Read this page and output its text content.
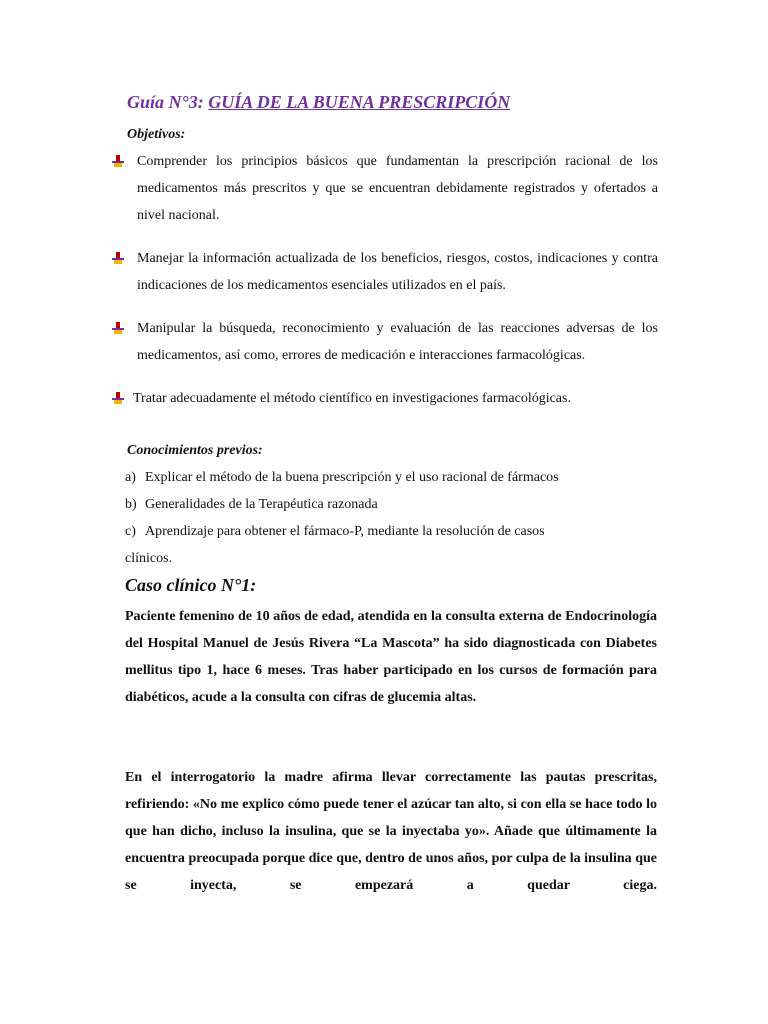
Guía N°3: GUÍA DE LA BUENA PRESCRIPCIÓN

Objetivos:

Comprender los principios básicos que fundamentan la prescripción racional de los medicamentos más prescritos y que se encuentran debidamente registrados y ofertados a nivel nacional.
Manejar la información actualizada de los beneficios, riesgos, costos, indicaciones y contra indicaciones de los medicamentos esenciales utilizados en el país.
Manipular la búsqueda, reconocimiento y evaluación de las reacciones adversas de los medicamentos, así como, errores de medicación e interacciones farmacológicas.
Tratar adecuadamente el método científico en investigaciones farmacológicas.

Conocimientos previos:

a) Explicar el método de la buena prescripción y el uso racional de fármacos
b) Generalidades de la Terapéutica razonada
c) Aprendizaje para obtener el fármaco-P, mediante la resolución de casos clínicos.
Caso clínico N°1:

Paciente femenino de 10 años de edad, atendida en la consulta externa de Endocrinología del Hospital Manuel de Jesús Rivera “La Mascota” ha sido diagnosticada con Diabetes mellitus tipo 1, hace 6 meses. Tras haber participado en los cursos de formación para diabéticos, acude a la consulta con cifras de glucemia altas.

En el interrogatorio la madre afirma llevar correctamente las pautas prescritas, refiriendo: «No me explico cómo puede tener el azúcar tan alto, si con ella se hace todo lo que han dicho, incluso la insulina, que se la inyectaba yo». Añade que últimamente la encuentra preocupada porque dice que, dentro de unos años, por culpa de la insulina que se inyecta, se empezará a quedar ciega.
